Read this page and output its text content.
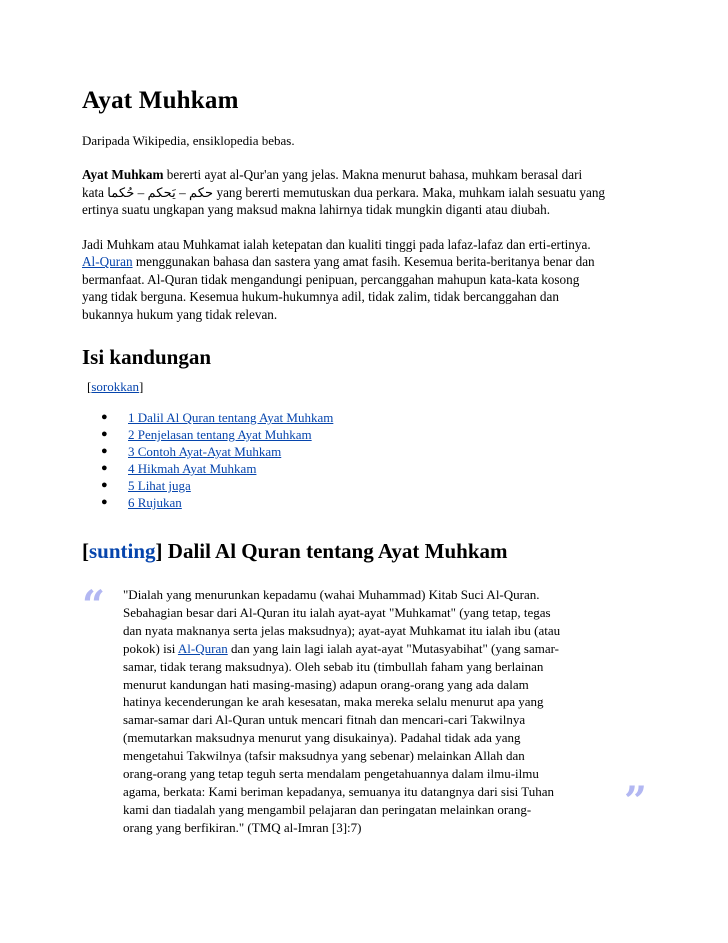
Ayat Muhkam
Daripada Wikipedia, ensiklopedia bebas.

Ayat Muhkam bererti ayat al-Qur'an yang jelas. Makna menurut bahasa, muhkam berasal dari
kata حكم – يَحكم – حُكما yang bererti memutuskan dua perkara. Maka, muhkam ialah sesuatu yang
ertinya suatu ungkapan yang maksud makna lahirnya tidak mungkin diganti atau diubah.

Jadi Muhkam atau Muhkamat ialah ketepatan dan kualiti tinggi pada lafaz-lafaz dan erti-ertinya.
Al-Quran menggunakan bahasa dan sastera yang amat fasih. Kesemua berita-beritanya benar dan
bermanfaat. Al-Quran tidak mengandungi penipuan, percanggahan mahupun kata-kata kosong
yang tidak berguna. Kesemua hukum-hukumnya adil, tidak zalim, tidak bercanggahan dan
bukannya hukum yang tidak relevan.

Isi kandungan
[sorokkan]
● 1 Dalil Al Quran tentang Ayat Muhkam
● 2 Penjelasan tentang Ayat Muhkam
● 3 Contoh Ayat-Ayat Muhkam
● 4 Hikmah Ayat Muhkam
● 5 Lihat juga
● 6 Rujukan
[sunting] Dalil Al Quran tentang Ayat Muhkam
“
”
"Dialah yang menurunkan kepadamu (wahai Muhammad) Kitab Suci Al-Quran.
Sebahagian besar dari Al-Quran itu ialah ayat-ayat "Muhkamat" (yang tetap, tegas
dan nyata maknanya serta jelas maksudnya); ayat-ayat Muhkamat itu ialah ibu (atau
pokok) isi Al-Quran dan yang lain lagi ialah ayat-ayat "Mutasyabihat" (yang samar-
samar, tidak terang maksudnya). Oleh sebab itu (timbullah faham yang berlainan
menurut kandungan hati masing-masing) adapun orang-orang yang ada dalam
hatinya kecenderungan ke arah kesesatan, maka mereka selalu menurut apa yang
samar-samar dari Al-Quran untuk mencari fitnah dan mencari-cari Takwilnya
(memutarkan maksudnya menurut yang disukainya). Padahal tidak ada yang
mengetahui Takwilnya (tafsir maksudnya yang sebenar) melainkan Allah dan
orang-orang yang tetap teguh serta mendalam pengetahuannya dalam ilmu-ilmu
agama, berkata: Kami beriman kepadanya, semuanya itu datangnya dari sisi Tuhan
kami dan tiadalah yang mengambil pelajaran dan peringatan melainkan orang-
orang yang berfikiran." (TMQ al-Imran [3]:7)
